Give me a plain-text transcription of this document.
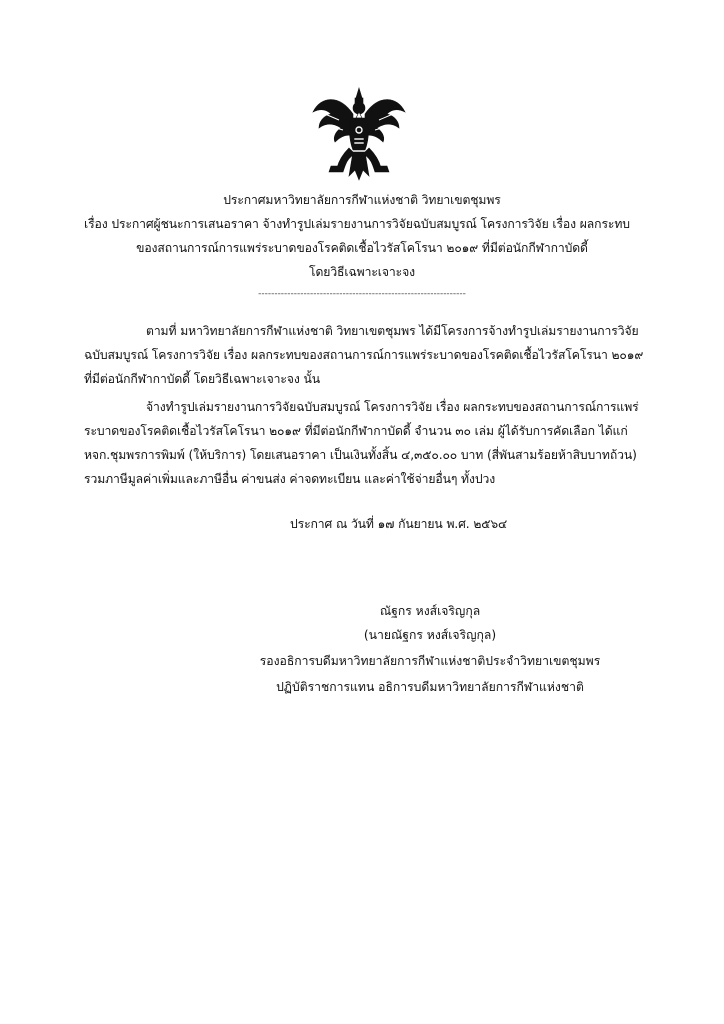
ประกาศมหาวิทยาลัยการกีฬาแห่งชาติ วิทยาเขตชุมพร
เรื่อง ประกาศผู้ชนะการเสนอราคา จ้างทำรูปเล่มรายงานการวิจัยฉบับสมบูรณ์ โครงการวิจัย เรื่อง ผลกระทบ
ของสถานการณ์การแพร่ระบาดของโรคติดเชื้อไวรัสโคโรนา ๒๐๑๙ ที่มีต่อนักกีฬากาบัดดี้
โดยวิธีเฉพาะเจาะจง
----------------------------------------------------------------
ตามที่ มหาวิทยาลัยการกีฬาแห่งชาติ วิทยาเขตชุมพร ได้มีโครงการจ้างทำรูปเล่มรายงานการวิจัย
ฉบับสมบูรณ์ โครงการวิจัย เรื่อง ผลกระทบของสถานการณ์การแพร่ระบาดของโรคติดเชื้อไวรัสโคโรนา ๒๐๑๙
ที่มีต่อนักกีฬากาบัดดี้ โดยวิธีเฉพาะเจาะจง นั้น
จ้างทำรูปเล่มรายงานการวิจัยฉบับสมบูรณ์ โครงการวิจัย เรื่อง ผลกระทบของสถานการณ์การแพร่
ระบาดของโรคติดเชื้อไวรัสโคโรนา ๒๐๑๙ ที่มีต่อนักกีฬากาบัดดี้ จำนวน ๓๐ เล่ม ผู้ได้รับการคัดเลือก ได้แก่
หจก.ชุมพรการพิมพ์ (ให้บริการ) โดยเสนอราคา เป็นเงินทั้งสิ้น ๔,๓๕๐.๐๐ บาท (สี่พันสามร้อยห้าสิบบาทถ้วน)
รวมภาษีมูลค่าเพิ่มและภาษีอื่น ค่าขนส่ง ค่าจดทะเบียน และค่าใช้จ่ายอื่นๆ ทั้งปวง
ประกาศ ณ วันที่ ๑๗ กันยายน พ.ศ. ๒๕๖๔
ณัฐกร หงส์เจริญกุล
(นายณัฐกร หงส์เจริญกุล)
รองอธิการบดีมหาวิทยาลัยการกีฬาแห่งชาติประจำวิทยาเขตชุมพร
ปฏิบัติราชการแทน อธิการบดีมหาวิทยาลัยการกีฬาแห่งชาติ
